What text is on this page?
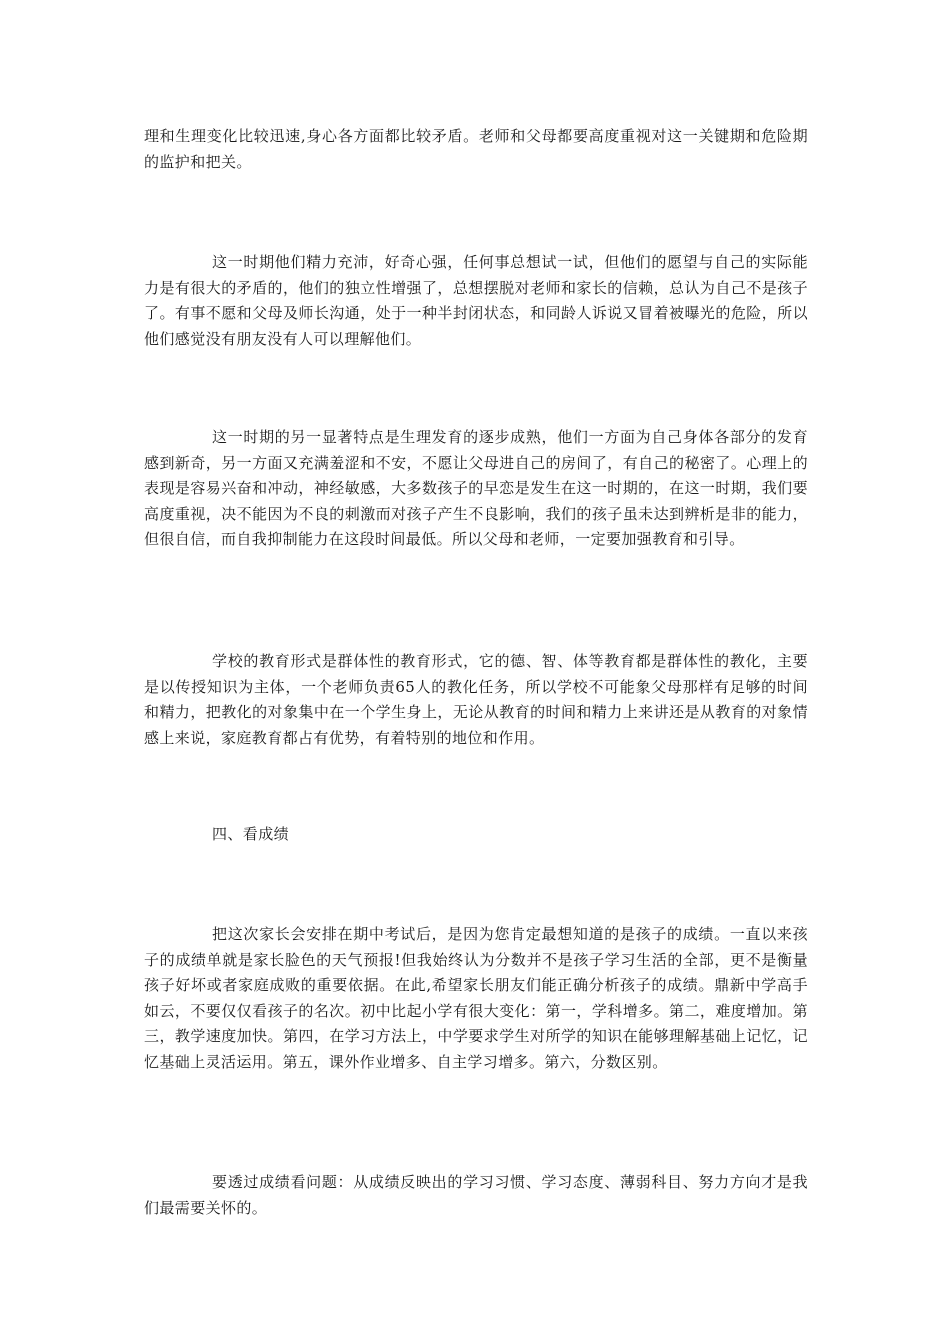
理和生理变化比较迅速,身心各方面都比较矛盾。老师和父母都要高度重视对这一关键期和危险期的监护和把关。

这一时期他们精力充沛，好奇心强，任何事总想试一试，但他们的愿望与自己的实际能力是有很大的矛盾的，他们的独立性增强了，总想摆脱对老师和家长的信赖，总认为自己不是孩子了。有事不愿和父母及师长沟通，处于一种半封闭状态，和同龄人诉说又冒着被曝光的危险，所以他们感觉没有朋友没有人可以理解他们。

这一时期的另一显著特点是生理发育的逐步成熟，他们一方面为自己身体各部分的发育感到新奇，另一方面又充满羞涩和不安，不愿让父母进自己的房间了，有自己的秘密了。心理上的表现是容易兴奋和冲动，神经敏感，大多数孩子的早恋是发生在这一时期的，在这一时期，我们要高度重视，决不能因为不良的刺激而对孩子产生不良影响，我们的孩子虽未达到辨析是非的能力，但很自信，而自我抑制能力在这段时间最低。所以父母和老师，一定要加强教育和引导。

学校的教育形式是群体性的教育形式，它的德、智、体等教育都是群体性的教化，主要是以传授知识为主体，一个老师负责65人的教化任务，所以学校不可能象父母那样有足够的时间和精力，把教化的对象集中在一个学生身上，无论从教育的时间和精力上来讲还是从教育的对象情感上来说，家庭教育都占有优势，有着特别的地位和作用。

四、看成绩

把这次家长会安排在期中考试后，是因为您肯定最想知道的是孩子的成绩。一直以来孩子的成绩单就是家长脸色的天气预报!但我始终认为分数并不是孩子学习生活的全部，更不是衡量孩子好坏或者家庭成败的重要依据。在此,希望家长朋友们能正确分析孩子的成绩。鼎新中学高手如云，不要仅仅看孩子的名次。初中比起小学有很大变化：第一，学科增多。第二，难度增加。第三，教学速度加快。第四，在学习方法上，中学要求学生对所学的知识在能够理解基础上记忆，记忆基础上灵活运用。第五，课外作业增多、自主学习增多。第六，分数区别。

要透过成绩看问题：从成绩反映出的学习习惯、学习态度、薄弱科目、努力方向才是我们最需要关怀的。
